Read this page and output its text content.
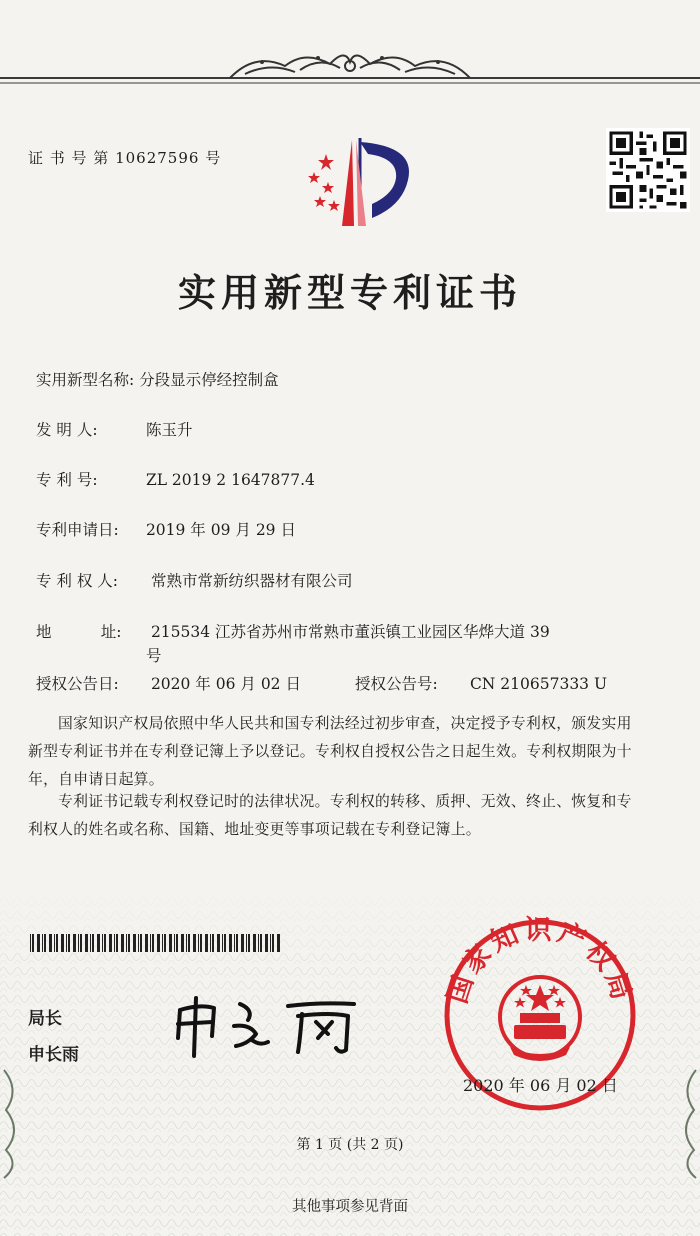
证 书 号 第 10627596 号
实用新型专利证书
实用新型名称: 分段显示停经控制盒
发 明 人:	陈玉升
专 利 号:	ZL 2019 2 1647877.4
专利申请日: 2019 年 09 月 29 日
专 利 权 人: 常熟市常新纺织器材有限公司
地          址: 215534 江苏省苏州市常熟市董浜镇工业园区华烨大道 39
号
授权公告日: 2020 年 06 月 02 日	授权公告号: CN 210657333 U
国家知识产权局依照中华人民共和国专利法经过初步审查，决定授予专利权，颁发实用
新型专利证书并在专利登记簿上予以登记。专利权自授权公告之日起生效。专利权期限为十
年，自申请日起算。
专利证书记载专利权登记时的法律状况。专利权的转移、质押、无效、终止、恢复和专
利权人的姓名或名称、国籍、地址变更等事项记载在专利登记簿上。
局长
申长雨
国家知识产权局
2020 年 06 月 02 日
第 1 页 (共 2 页)
其他事项参见背面
